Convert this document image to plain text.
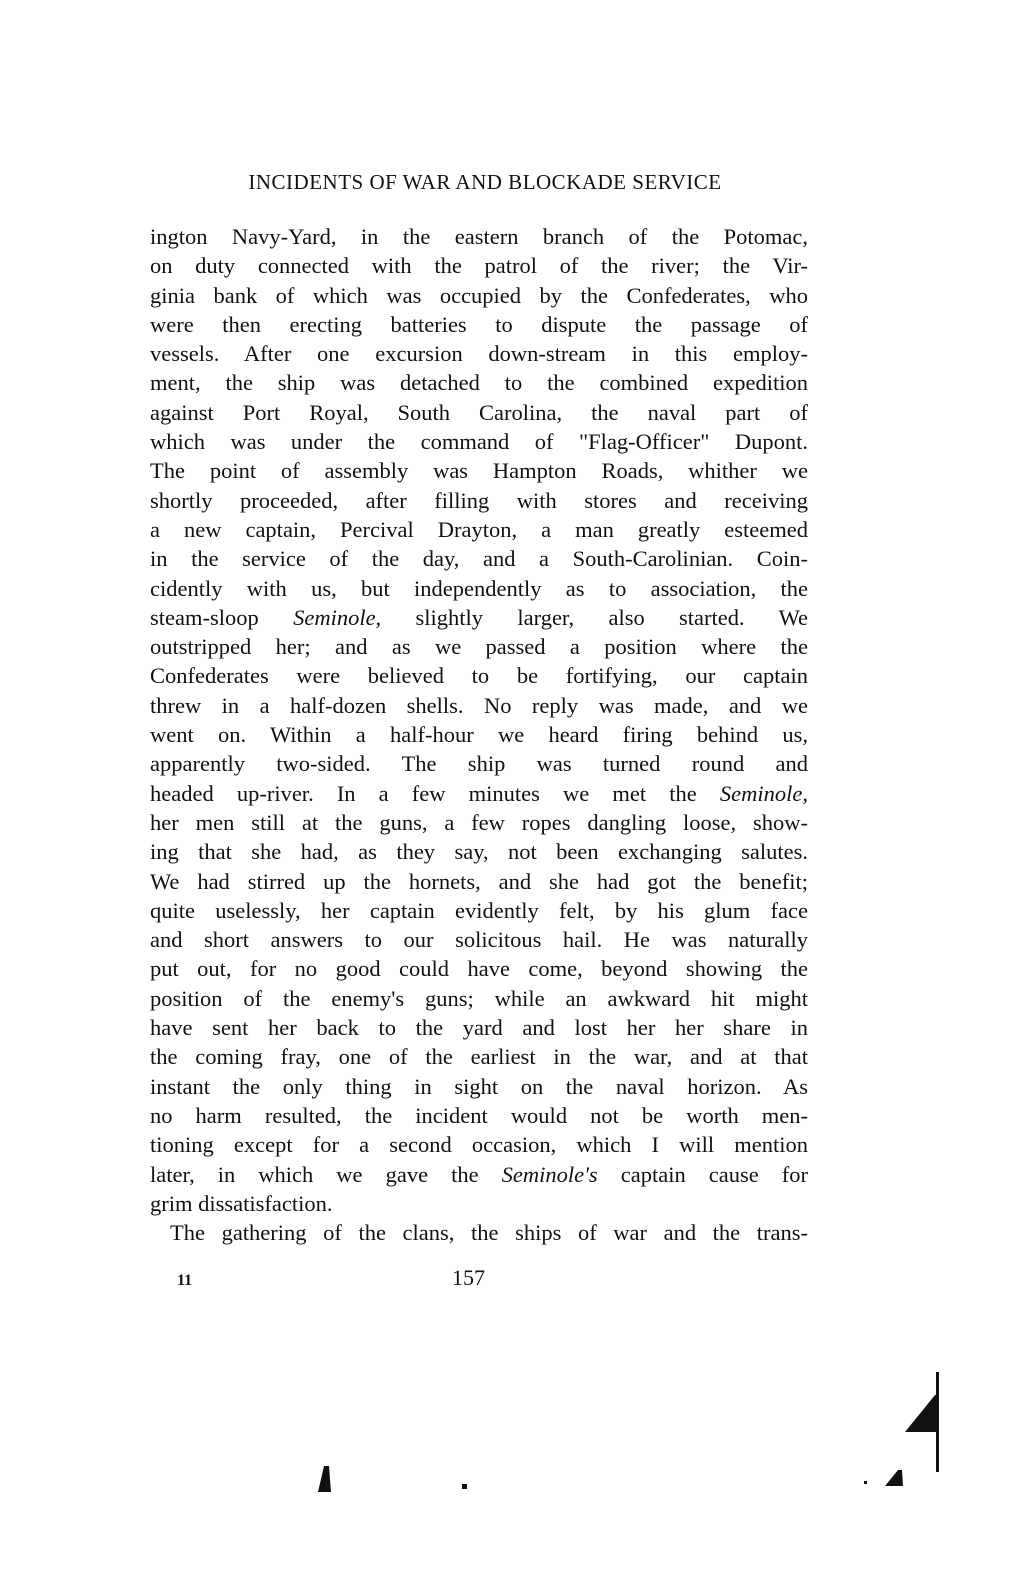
INCIDENTS OF WAR AND BLOCKADE SERVICE
ington Navy-Yard, in the eastern branch of the Potomac,
on duty connected with the patrol of the river; the Vir-
ginia bank of which was occupied by the Confederates, who
were then erecting batteries to dispute the passage of
vessels. After one excursion down-stream in this employ-
ment, the ship was detached to the combined expedition
against Port Royal, South Carolina, the naval part of
which was under the command of "Flag-Officer" Dupont.
The point of assembly was Hampton Roads, whither we
shortly proceeded, after filling with stores and receiving
a new captain, Percival Drayton, a man greatly esteemed
in the service of the day, and a South-Carolinian. Coin-
cidently with us, but independently as to association, the
steam-sloop Seminole, slightly larger, also started. We
outstripped her; and as we passed a position where the
Confederates were believed to be fortifying, our captain
threw in a half-dozen shells. No reply was made, and we
went on. Within a half-hour we heard firing behind us,
apparently two-sided. The ship was turned round and
headed up-river. In a few minutes we met the Seminole,
her men still at the guns, a few ropes dangling loose, show-
ing that she had, as they say, not been exchanging salutes.
We had stirred up the hornets, and she had got the benefit;
quite uselessly, her captain evidently felt, by his glum face
and short answers to our solicitous hail. He was naturally
put out, for no good could have come, beyond showing the
position of the enemy's guns; while an awkward hit might
have sent her back to the yard and lost her her share in
the coming fray, one of the earliest in the war, and at that
instant the only thing in sight on the naval horizon. As
no harm resulted, the incident would not be worth men-
tioning except for a second occasion, which I will mention
later, in which we gave the Seminole's captain cause for
grim dissatisfaction.
The gathering of the clans, the ships of war and the trans-
11	157
